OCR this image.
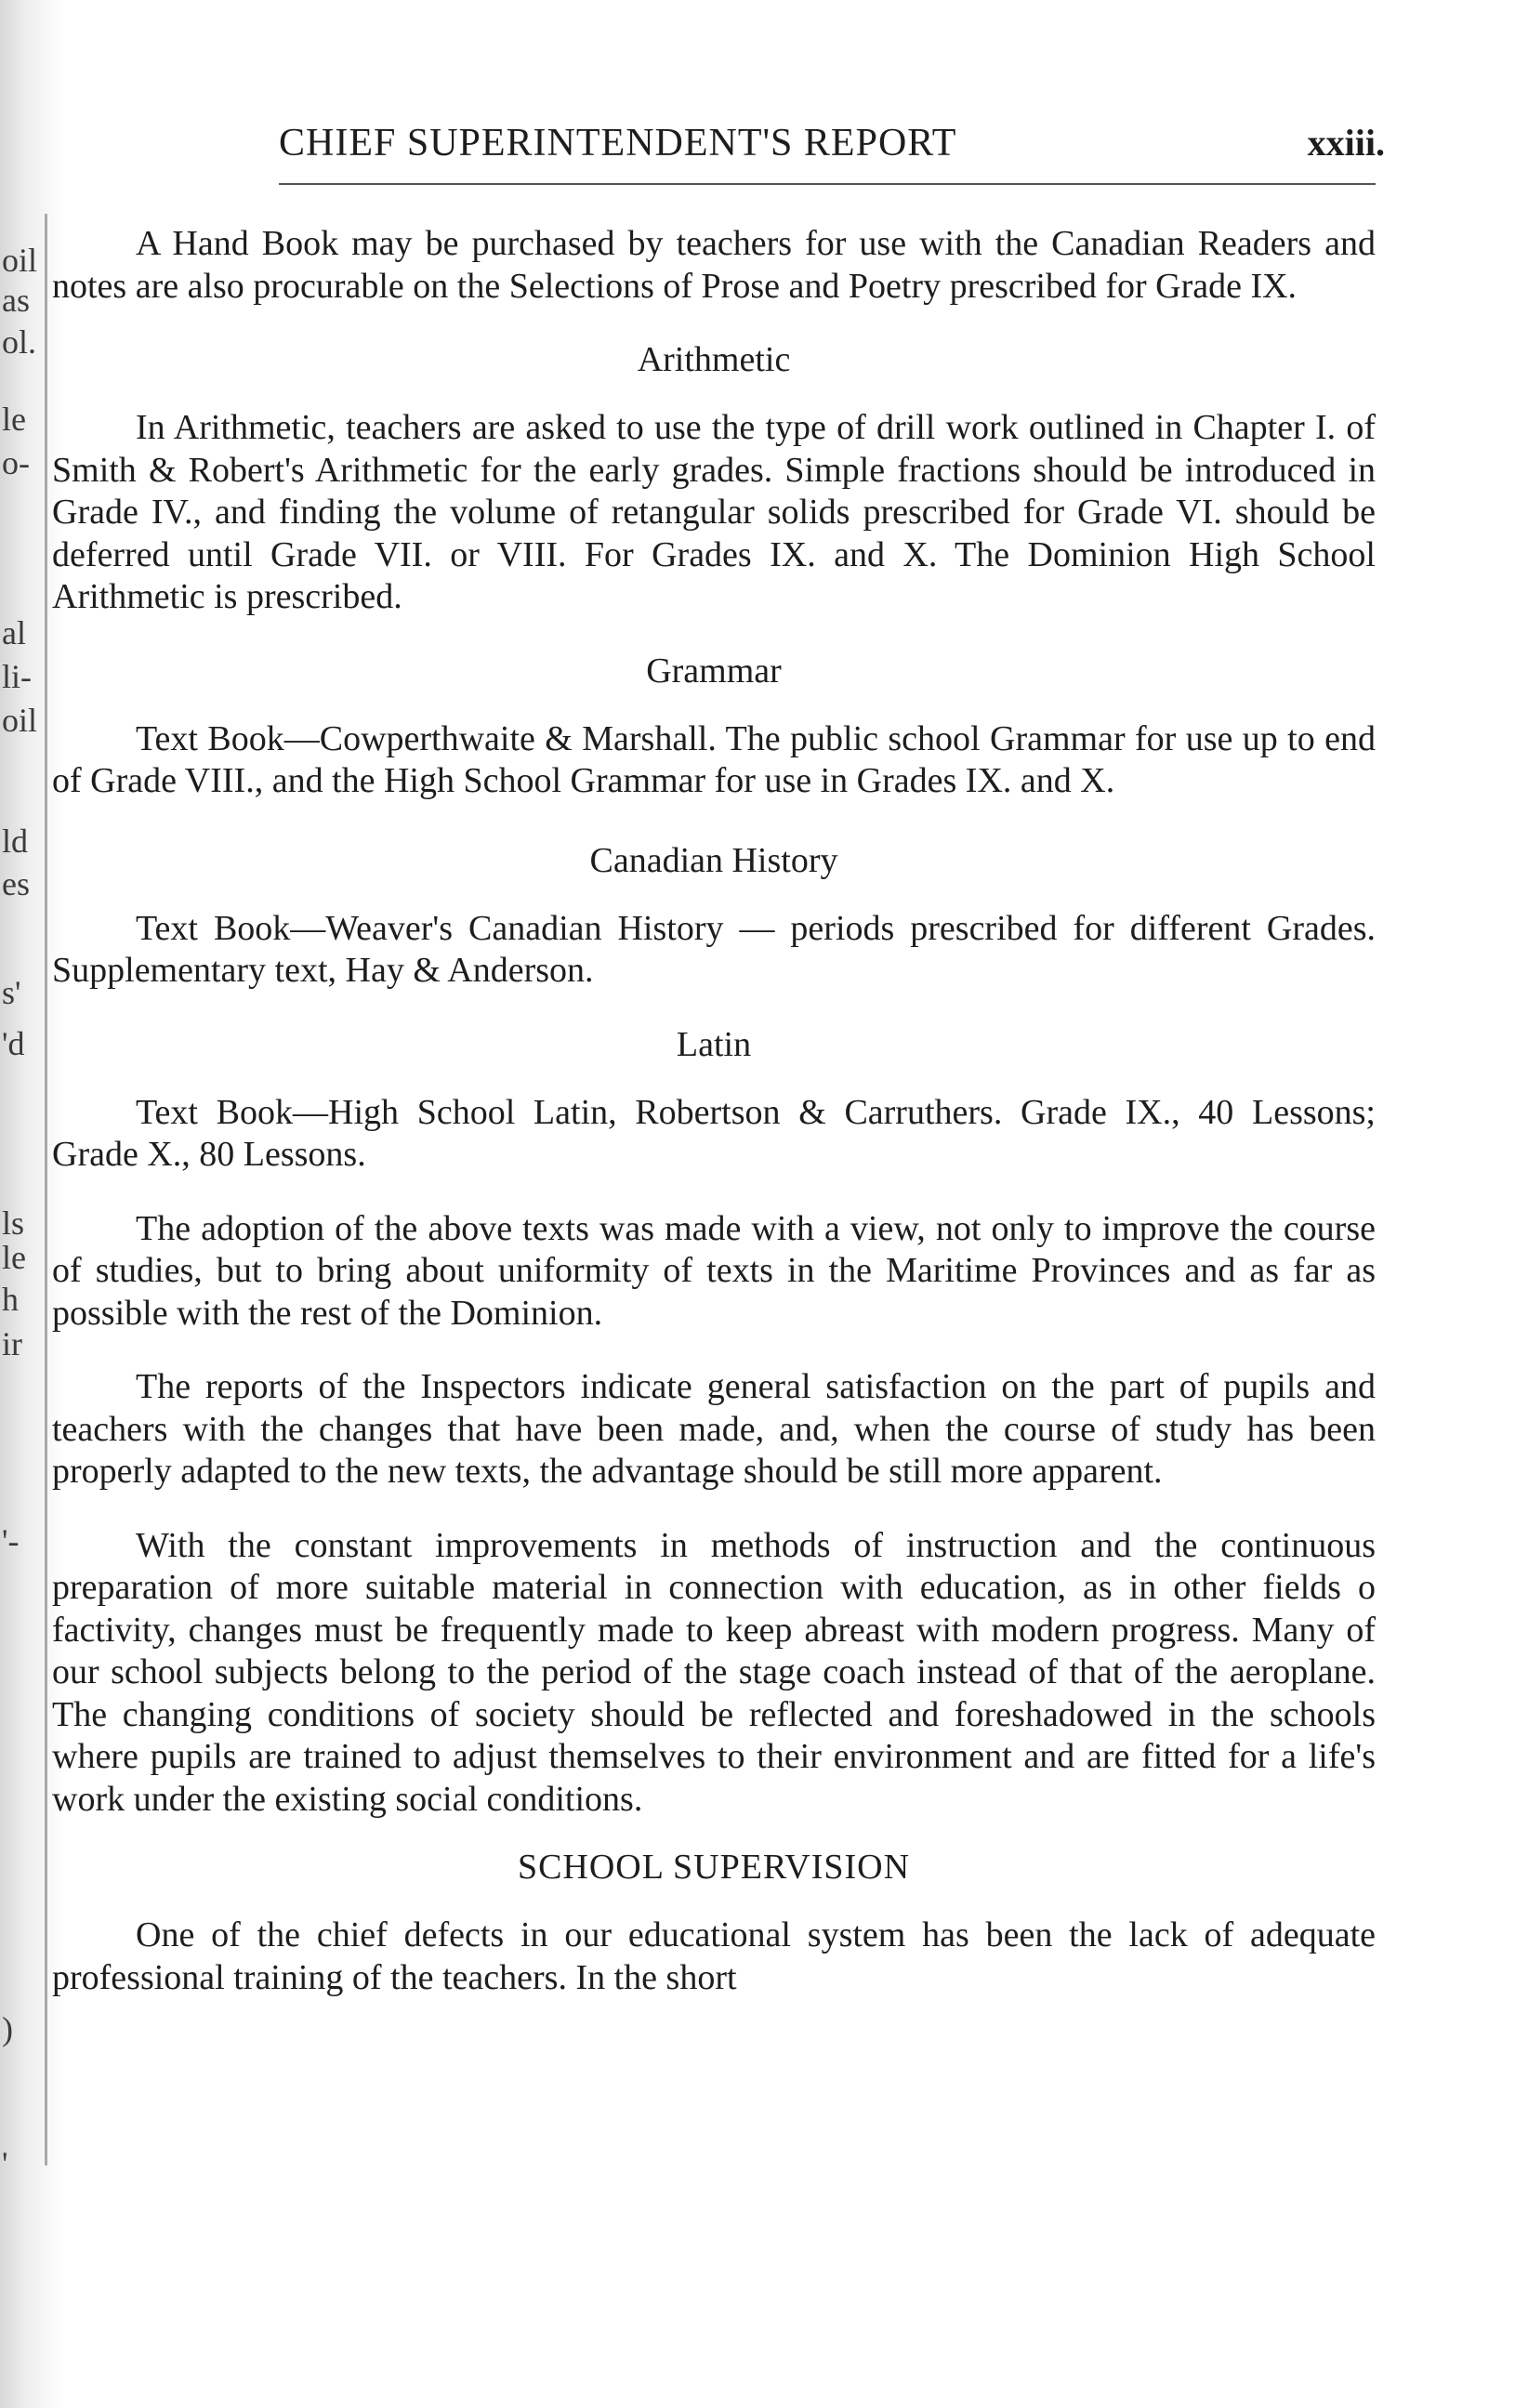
oil
as
ol.
le
o-
al
li-
oil
ld
es
s'
'd
ls
le
h
ir
'-
)
'
CHIEF SUPERINTENDENT'S REPORT	xxiii.

A Hand Book may be purchased by teachers for use with the Canadian Readers and notes are also procurable on the Selections of Prose and Poetry prescribed for Grade IX.

Arithmetic

In Arithmetic, teachers are asked to use the type of drill work outlined in Chapter I. of Smith & Robert's Arithmetic for the early grades. Simple fractions should be introduced in Grade IV., and finding the volume of retangular solids prescribed for Grade VI. should be deferred until Grade VII. or VIII. For Grades IX. and X. The Dominion High School Arithmetic is prescribed.

Grammar

Text Book—Cowperthwaite & Marshall. The public school Grammar for use up to end of Grade VIII., and the High School Grammar for use in Grades IX. and X.

Canadian History

Text Book—Weaver's Canadian History — periods prescribed for different Grades. Supplementary text, Hay & Anderson.

Latin

Text Book—High School Latin, Robertson & Carruthers. Grade IX., 40 Lessons; Grade X., 80 Lessons.

The adoption of the above texts was made with a view, not only to improve the course of studies, but to bring about uniformity of texts in the Maritime Provinces and as far as possible with the rest of the Dominion.

The reports of the Inspectors indicate general satisfaction on the part of pupils and teachers with the changes that have been made, and, when the course of study has been properly adapted to the new texts, the advantage should be still more apparent.

With the constant improvements in methods of instruction and the continuous preparation of more suitable material in connection with education, as in other fields o factivity, changes must be frequently made to keep abreast with modern progress. Many of our school subjects belong to the period of the stage coach instead of that of the aeroplane. The changing conditions of society should be reflected and foreshadowed in the schools where pupils are trained to adjust themselves to their environment and are fitted for a life's work under the existing social conditions.

SCHOOL SUPERVISION

One of the chief defects in our educational system has been the lack of adequate professional training of the teachers. In the short
